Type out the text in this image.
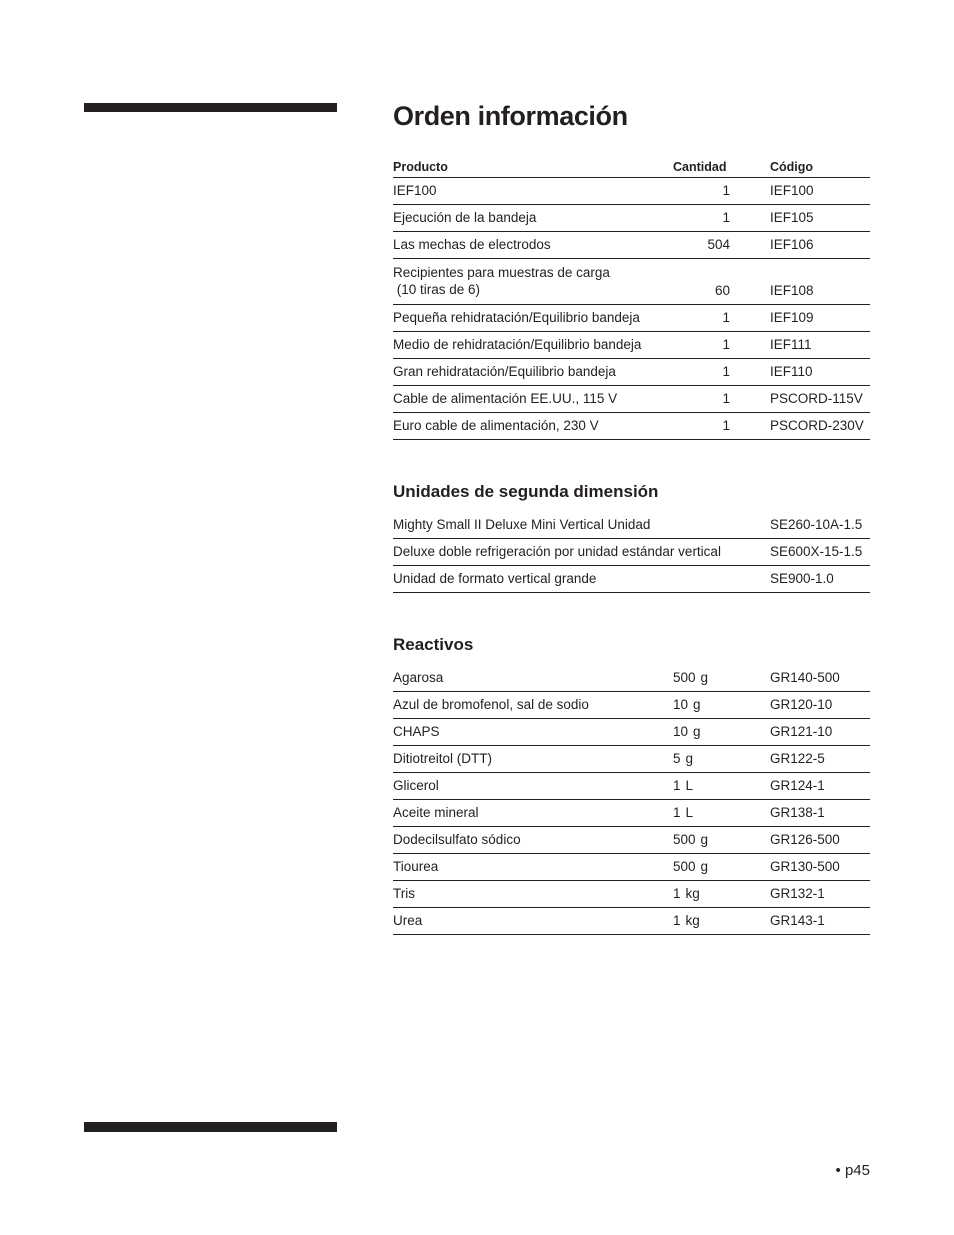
Orden información
Producto	Cantidad	Código
IEF100	1	IEF100
Ejecución de la bandeja	1	IEF105
Las mechas de electrodos	504	IEF106
Recipientes para muestras de carga
(10 tiras de 6)	60	IEF108
Pequeña rehidratación/Equilibrio bandeja	1	IEF109
Medio de rehidratación/Equilibrio bandeja	1	IEF111
Gran rehidratación/Equilibrio bandeja	1	IEF110
Cable de alimentación EE.UU., 115 V	1	PSCORD-115V
Euro cable de alimentación, 230 V	1	PSCORD-230V
Unidades de segunda dimensión
Mighty Small II Deluxe Mini Vertical Unidad	SE260-10A-1.5
Deluxe doble refrigeración por unidad estándar vertical	SE600X-15-1.5
Unidad de formato vertical grande	SE900-1.0
Reactivos
Agarosa	500 g	GR140-500
Azul de bromofenol, sal de sodio	10 g	GR120-10
CHAPS	10 g	GR121-10
Ditiotreitol (DTT)	5 g	GR122-5
Glicerol	1 L	GR124-1
Aceite mineral	1 L	GR138-1
Dodecilsulfato sódico	500 g	GR126-500
Tiourea	500 g	GR130-500
Tris	1 kg	GR132-1
Urea	1 kg	GR143-1
• p45
